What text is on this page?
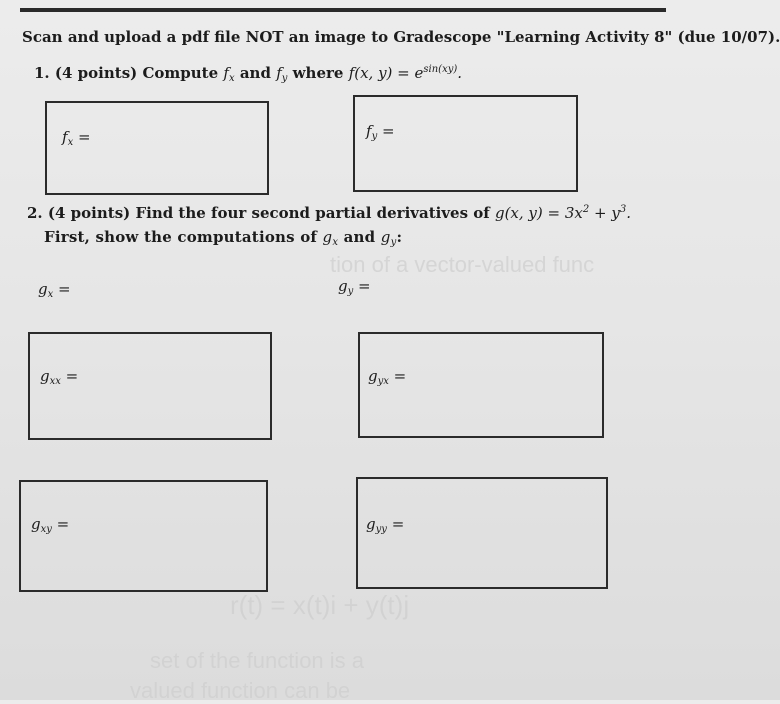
tion of a vector-valued func
r(t) = x(t)i + y(t)j
set of the function is a
valued function can be
Scan and upload a pdf file NOT an image to Gradescope "Learning Activity 8" (due 10/07).
1. (4 points) Compute $f_x$ and $f_y$ where f(x, $y) = e^{sin(xy)}$.
$f_x$ =	$f_y$ =
2. (4 points) Find the four second partial derivatives of g(x, $y) = 3x^2 + y^3$.
First, show the computations of $g_x$ and $g_y$:
$g_x$ =	$g_y$ =
$g_{xx}$ =	$g_{yx}$ =
$g_{xy}$ =	$g_{yy}$ =
